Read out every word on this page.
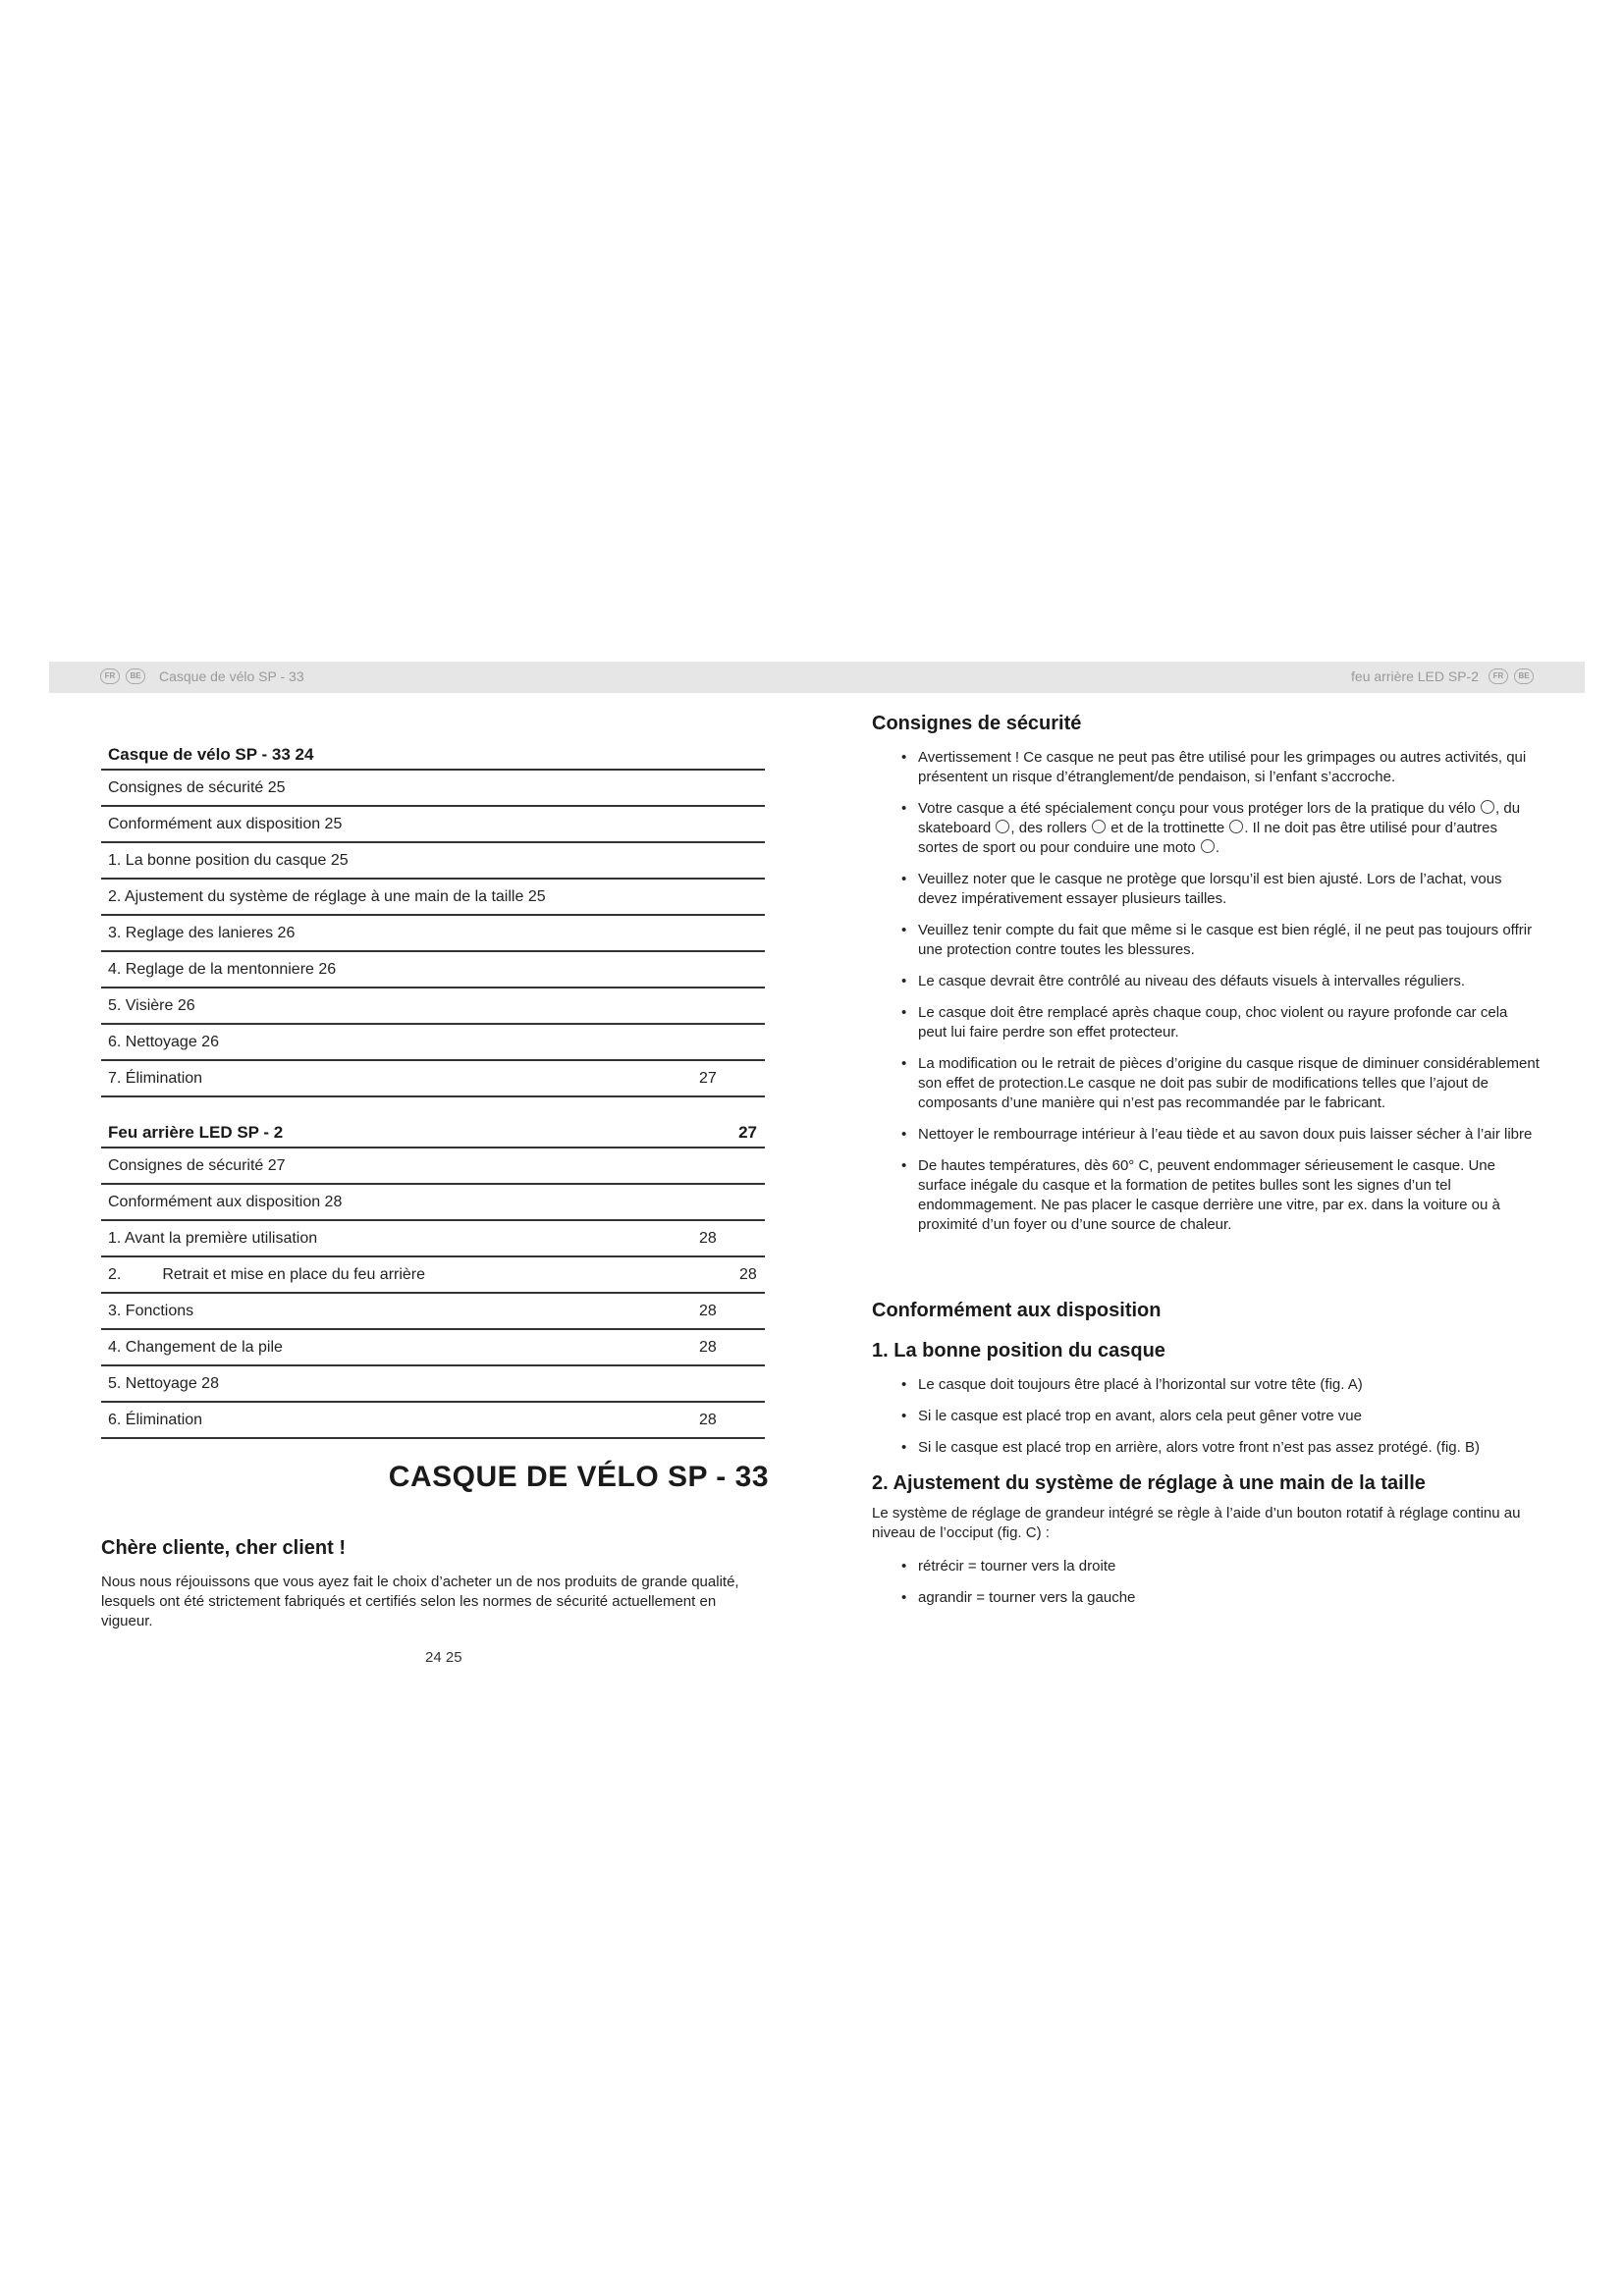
FR	BE	Casque de vélo SP - 33	feu arrière LED SP-2	FR	BE
Casque de vélo SP - 33 24
Consignes de sécurité 25
Conformément aux disposition 25
1. La bonne position du casque 25
2. Ajustement du système de réglage à une main de la taille 25
3. Reglage des lanieres 26
4. Reglage de la mentonniere 26
5. Visière 26
6. Nettoyage 26
7. Élimination	27
Feu arrière LED SP - 2	27
Consignes de sécurité 27
Conformément aux disposition 28
1. Avant la première utilisation	28
2.	Retrait et mise en place du feu arrière	28
3. Fonctions	28
4. Changement de la pile	28
5. Nettoyage 28
6. Élimination	28
CASQUE DE VÉLO SP - 33
Chère cliente, cher client !
Nous nous réjouissons que vous ayez fait le choix d’acheter un de nos produits de grande qualité, lesquels ont été strictement fabriqués et certifiés selon les normes de sécurité actuellement en vigueur.
24 25
Consignes de sécurité
• Avertissement ! Ce casque ne peut pas être utilisé pour les grimpages ou autres activités, qui présentent un risque d’étranglement/de pendaison, si l’enfant s’accroche.
• Votre casque a été spécialement conçu pour vous protéger lors de la pratique du vélo , du skateboard , des rollers et de la trottinette . Il ne doit pas être utilisé pour d’autres sortes de sport ou pour conduire une moto .
• Veuillez noter que le casque ne protège que lorsqu’il est bien ajusté. Lors de l’achat, vous devez impérativement essayer plusieurs tailles.
• Veuillez tenir compte du fait que même si le casque est bien réglé, il ne peut pas toujours offrir une protection contre toutes les blessures.
• Le casque devrait être contrôlé au niveau des défauts visuels à intervalles réguliers.
• Le casque doit être remplacé après chaque coup, choc violent ou rayure profonde car cela peut lui faire perdre son effet protecteur.
• La modification ou le retrait de pièces d’origine du casque risque de diminuer considérablement son effet de protection.Le casque ne doit pas subir de modifications telles que l’ajout de composants d’une manière qui n’est pas recommandée par le fabricant.
• Nettoyer le rembourrage intérieur à l’eau tiède et au savon doux puis laisser sécher à l’air libre
• De hautes températures, dès 60° C, peuvent endommager sérieusement le casque. Une surface inégale du casque et la formation de petites bulles sont les signes d’un tel endommagement. Ne pas placer le casque derrière une vitre, par ex. dans la voiture ou à proximité d’un foyer ou d’une source de chaleur.
Conformément aux disposition
1. La bonne position du casque
• Le casque doit toujours être placé à l’horizontal sur votre tête (fig. A)
• Si le casque est placé trop en avant, alors cela peut gêner votre vue
• Si le casque est placé trop en arrière, alors votre front n’est pas assez protégé. (fig. B)
2. Ajustement du système de réglage à une main de la taille
Le système de réglage de grandeur intégré se règle à l’aide d’un bouton rotatif à réglage continu au niveau de l’occiput (fig. C) :
• rétrécir = tourner vers la droite
• agrandir = tourner vers la gauche
